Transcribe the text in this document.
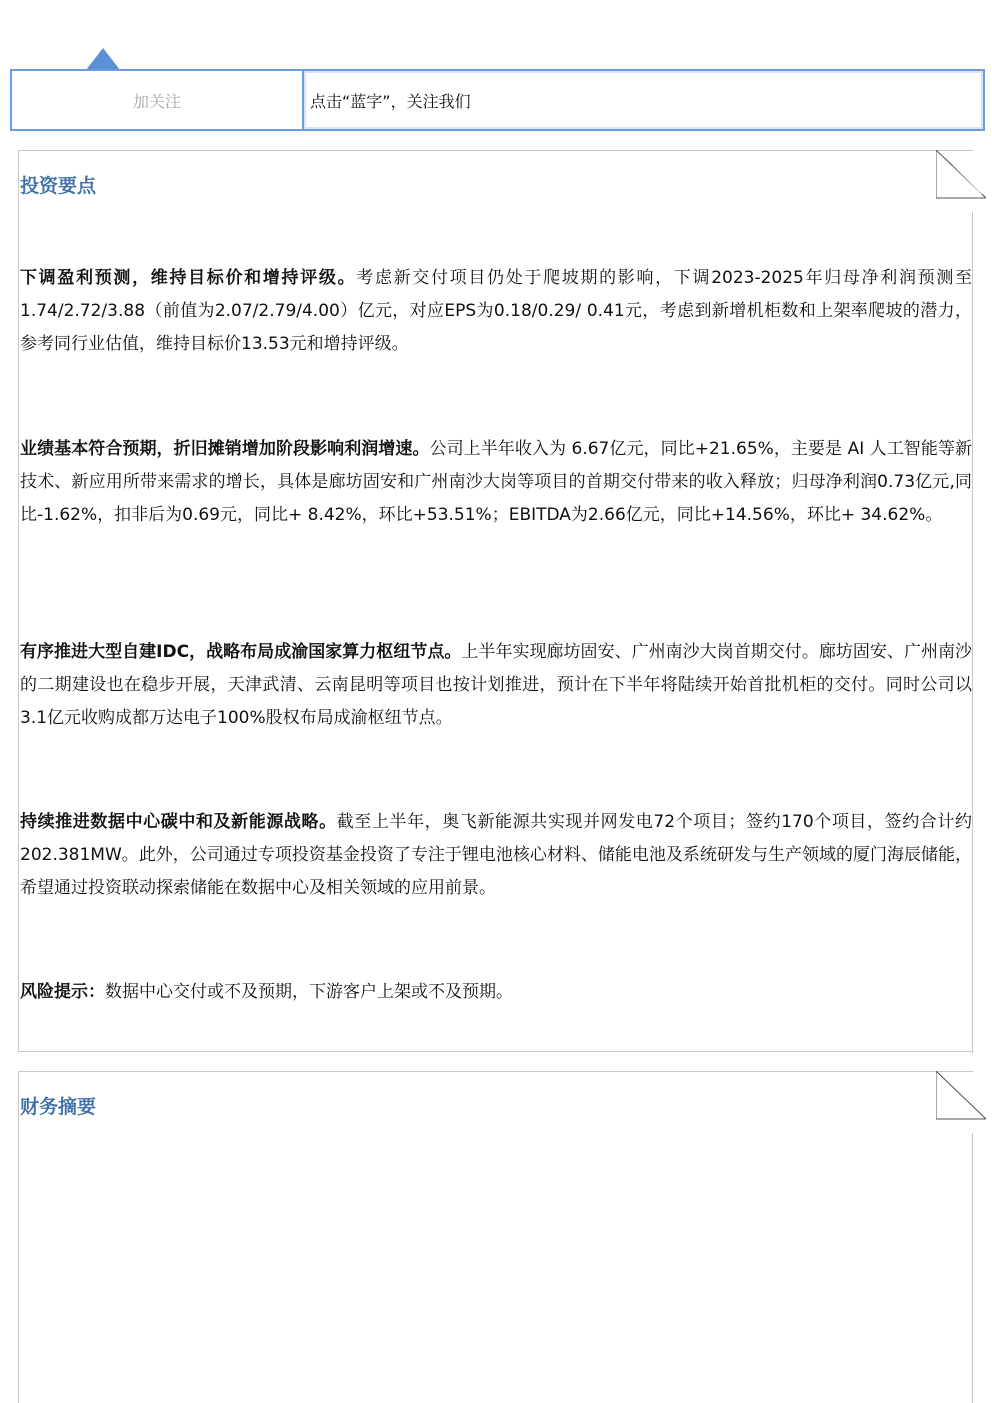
加关注	点击“蓝字”，关注我们
投资要点
下调盈利预测，维持目标价和增持评级。考虑新交付项目仍处于爬坡期的影响，下调2023-2025年归母净利润预测至1.74/2.72/3.88（前值为2.07/2.79/4.00）亿元，对应EPS为0.18/0.29/ 0.41元，考虑到新增机柜数和上架率爬坡的潜力，参考同行业估值，维持目标价13.53元和增持评级。
业绩基本符合预期，折旧摊销增加阶段影响利润增速。公司上半年收入为 6.67亿元，同比+21.65%，主要是 AI 人工智能等新技术、新应用所带来需求的增长，具体是廊坊固安和广州南沙大岗等项目的首期交付带来的收入释放；归母净利润0.73亿元,同比-1.62%，扣非后为0.69元，同比+ 8.42%，环比+53.51%；EBITDA为2.66亿元，同比+14.56%，环比+ 34.62%。
有序推进大型自建IDC，战略布局成渝国家算力枢纽节点。上半年实现廊坊固安、广州南沙大岗首期交付。廊坊固安、广州南沙的二期建设也在稳步开展，天津武清、云南昆明等项目也按计划推进，预计在下半年将陆续开始首批机柜的交付。同时公司以3.1亿元收购成都万达电子100%股权布局成渝枢纽节点。
持续推进数据中心碳中和及新能源战略。截至上半年，奥飞新能源共实现并网发电72个项目；签约170个项目，签约合计约 202.381MW。此外，公司通过专项投资基金投资了专注于锂电池核心材料、储能电池及系统研发与生产领域的厦门海辰储能，希望通过投资联动探索储能在数据中心及相关领域的应用前景。
风险提示：数据中心交付或不及预期，下游客户上架或不及预期。
财务摘要
